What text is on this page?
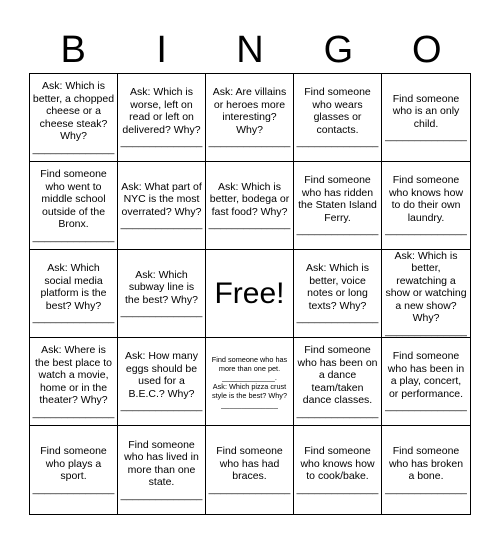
B	I	N	G	O
Ask: Which is better, a chopped cheese or a cheese steak? Why?
______________
Ask: Which is worse, left on read or left on delivered? Why?
______________
Ask: Are villains or heroes more interesting? Why?
______________
Find someone who wears glasses or contacts.
______________
Find someone who is an only child.
______________
Find someone who went to middle school outside of the Bronx.
______________
Ask: What part of NYC is the most overrated? Why?
______________
Ask: Which is better, bodega or fast food? Why?
______________
Find someone who has ridden the Staten Island Ferry.
______________
Find someone who knows how to do their own laundry.
______________
Ask: Which social media platform is the best? Why?
______________
Ask: Which subway line is the best? Why?
______________
Free!
Ask: Which is better, voice notes or long texts? Why?
______________
Ask: Which is better, rewatching a show or watching a new show? Why?
______________
Ask: Where is the best place to watch a movie, home or in the theater? Why?
______________
Ask: How many eggs should be used for a B.E.C.? Why?
______________
Find someone who has more than one pet. _____________.
Ask: Which pizza crust style is the best? Why?
______________
Find someone who has been on a dance team/taken dance classes.
______________
Find someone who has been in a play, concert, or performance.
______________
Find someone who plays a sport.
______________
Find someone who has lived in more than one state.
______________
Find someone who has had braces.
______________
Find someone who knows how to cook/bake.
______________
Find someone who has broken a bone.
______________
